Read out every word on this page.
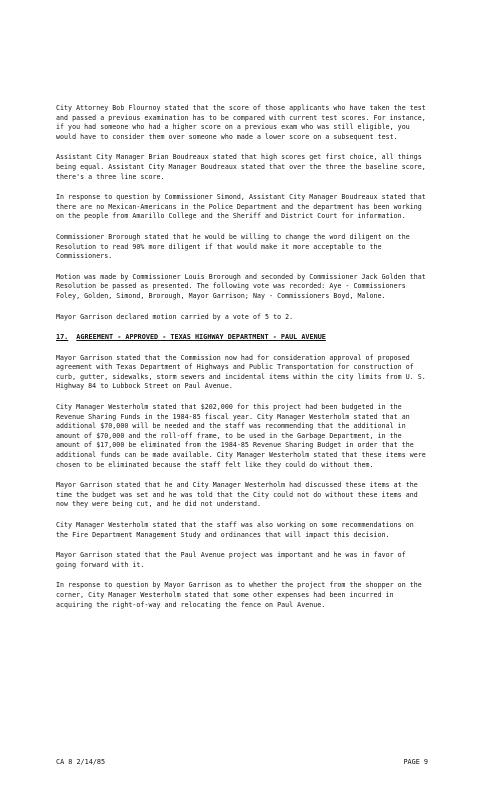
City Attorney Bob Flournoy stated that the score of those applicants who have taken the test and passed a previous examination has to be compared with current test scores. For instance, if you had someone who had a higher score on a previous exam who was still eligible, you would have to consider them over someone who made a lower score on a subsequent test.

Assistant City Manager Brian Boudreaux stated that high scores get first choice, all things being equal. Assistant City Manager Boudreaux stated that over the three the baseline score, there's a three line score.

In response to question by Commissioner Simond, Assistant City Manager Boudreaux stated that there are no Mexican-Americans in the Police Department and the department has been working on the people from Amarillo College and the Sheriff and District Court for information.

Commissioner Brorough stated that he would be willing to change the word diligent on the Resolution to read 90% more diligent if that would make it more acceptable to the Commissioners.

Motion was made by Commissioner Louis Brorough and seconded by Commissioner Jack Golden that Resolution be passed as presented. The following vote was recorded: Aye - Commissioners Foley, Golden, Simond, Brorough, Mayor Garrison; Nay - Commissioners Boyd, Malone.

Mayor Garrison declared motion carried by a vote of 5 to 2.

17. AGREEMENT - APPROVED - TEXAS HIGHWAY DEPARTMENT - PAUL AVENUE

Mayor Garrison stated that the Commission now had for consideration approval of proposed agreement with Texas Department of Highways and Public Transportation for construction of curb, gutter, sidewalks, storm sewers and incidental items within the city limits from U. S. Highway 84 to Lubbock Street on Paul Avenue.

City Manager Westerholm stated that $202,000 for this project had been budgeted in the Revenue Sharing Funds in the 1984-85 fiscal year. City Manager Westerholm stated that an additional $70,000 will be needed and the staff was recommending that the additional in amount of $70,000 and the roll-off frame, to be used in the Garbage Department, in the amount of $17,000 be eliminated from the 1984-85 Revenue Sharing Budget in order that the additional funds can be made available. City Manager Westerholm stated that these items were chosen to be eliminated because the staff felt like they could do without them.

Mayor Garrison stated that he and City Manager Westerholm had discussed these items at the time the budget was set and he was told that the City could not do without these items and now they were being cut, and he did not understand.

City Manager Westerholm stated that the staff was also working on some recommendations on the Fire Department Management Study and ordinances that will impact this decision.

Mayor Garrison stated that the Paul Avenue project was important and he was in favor of going forward with it.

In response to question by Mayor Garrison as to whether the project from the shopper on the corner, City Manager Westerholm stated that some other expenses had been incurred in acquiring the right-of-way and relocating the fence on Paul Avenue.

CA 8 2/14/85	PAGE 9
